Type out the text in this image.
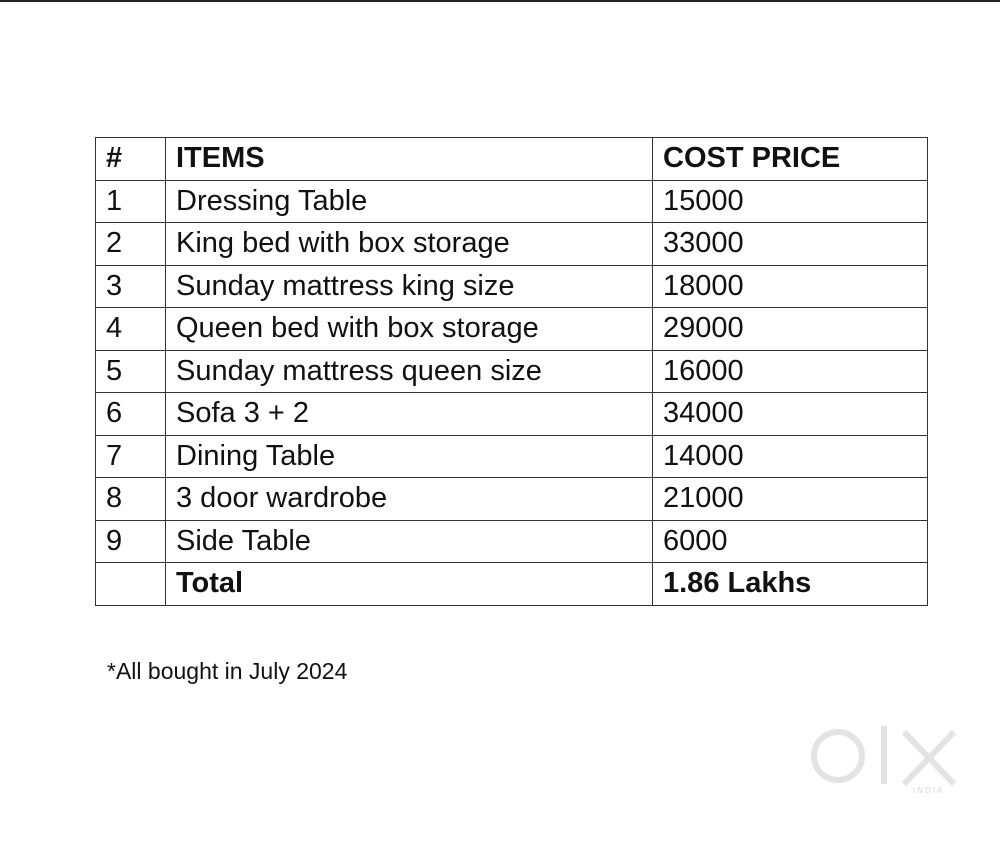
#	ITEMS	COST PRICE
1	Dressing Table	15000
2	King bed with box storage	33000
3	Sunday mattress king size	18000
4	Queen bed with box storage	29000
5	Sunday mattress queen size	16000
6	Sofa 3 + 2	34000
7	Dining Table	14000
8	3 door wardrobe	21000
9	Side Table	6000
	Total	1.86 Lakhs
*All bought in July 2024
INDIA
